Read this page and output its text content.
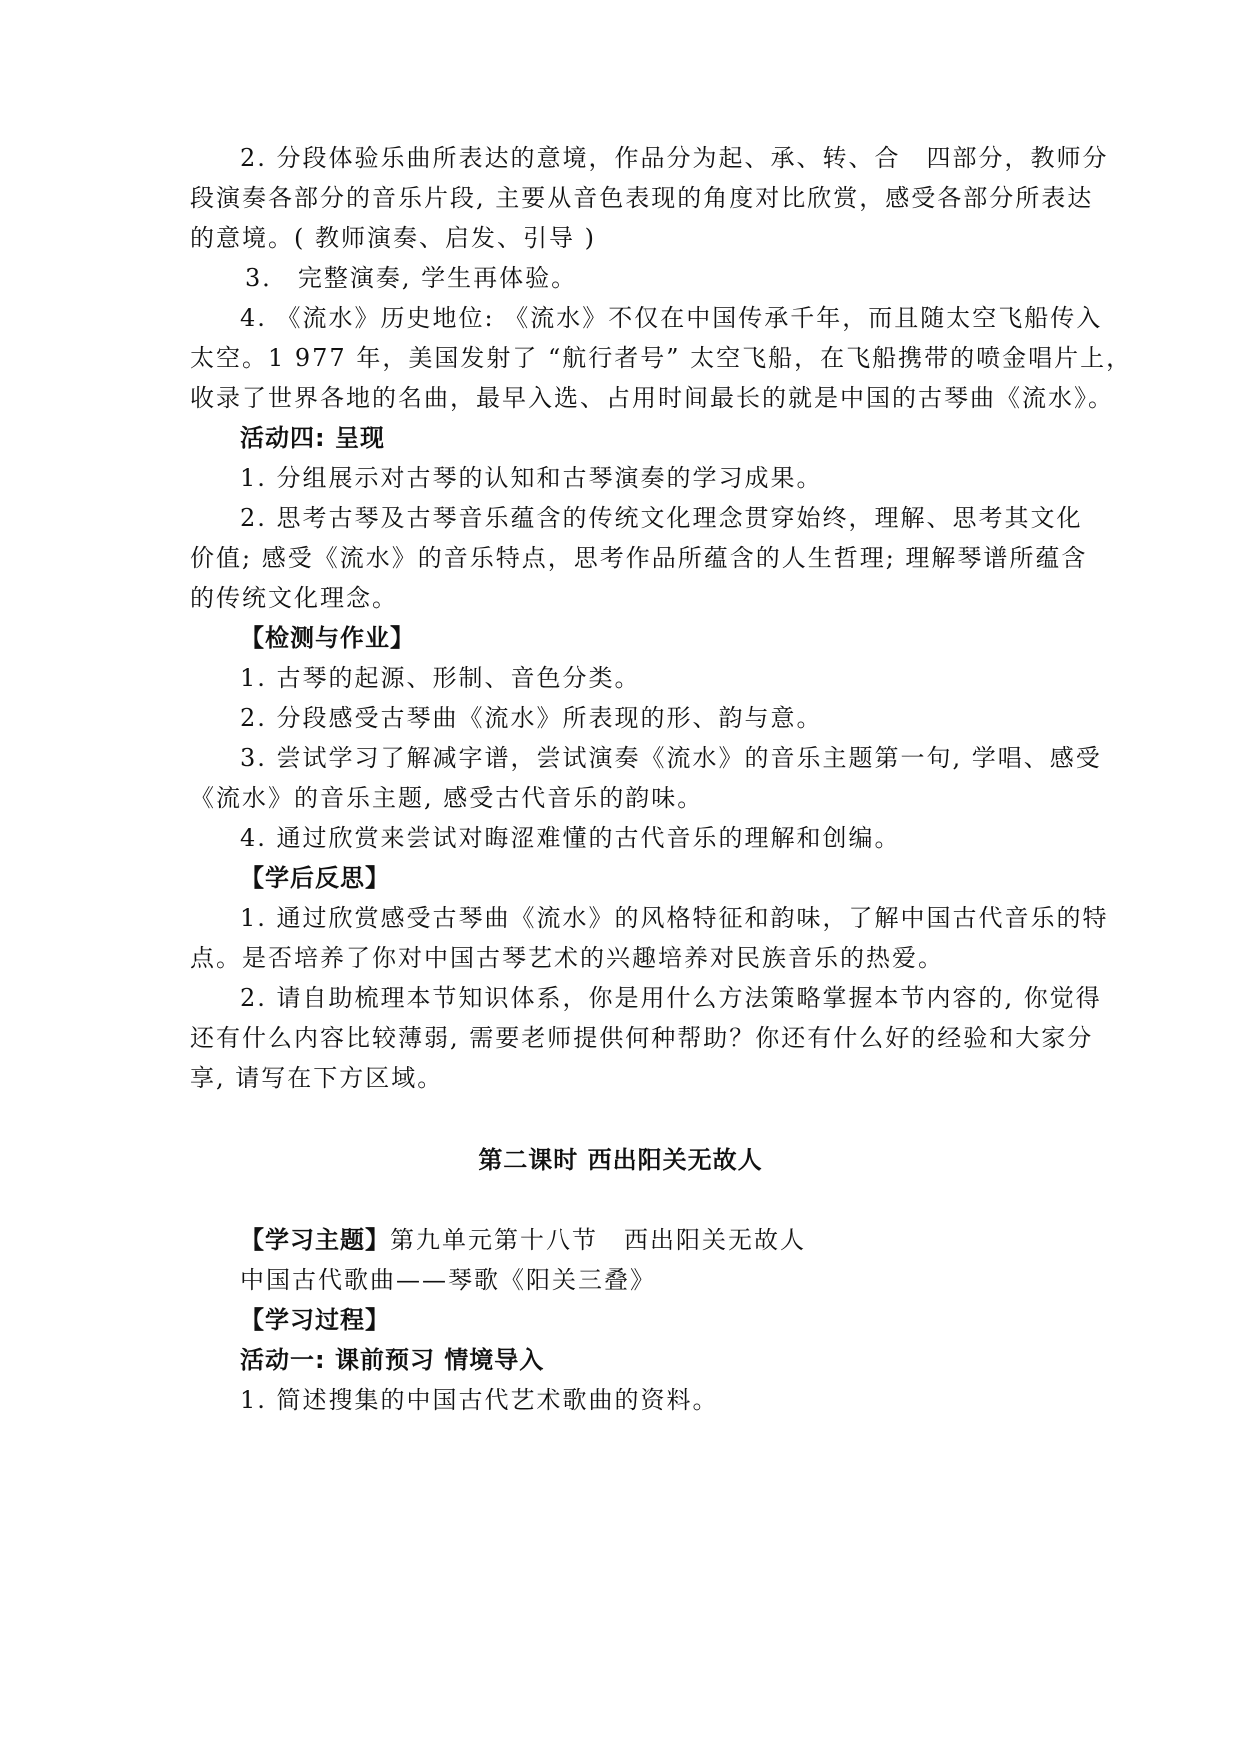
2. 分段体验乐曲所表达的意境，作品分为起、承、转、合　四部分，教师分
段演奏各部分的音乐片段, 主要从音色表现的角度对比欣赏，感受各部分所表达
的意境。( 教师演奏、启发、引导 )
3． 完整演奏, 学生再体验。
4. 《流水》历史地位: 《流水》不仅在中国传承千年，而且随太空飞船传入
太空。1 977 年，美国发射了 “航行者号” 太空飞船，在飞船携带的喷金唱片上，
收录了世界各地的名曲，最早入选、占用时间最长的就是中国的古琴曲《流水》。
活动四: 呈现
1. 分组展示对古琴的认知和古琴演奏的学习成果。
2. 思考古琴及古琴音乐蕴含的传统文化理念贯穿始终，理解、思考其文化
价值; 感受《流水》的音乐特点，思考作品所蕴含的人生哲理; 理解琴谱所蕴含
的传统文化理念。
【检测与作业】
1. 古琴的起源、形制、音色分类。
2. 分段感受古琴曲《流水》所表现的形、韵与意。
3. 尝试学习了解减字谱，尝试演奏《流水》的音乐主题第一句, 学唱、感受
《流水》的音乐主题, 感受古代音乐的韵味。
4. 通过欣赏来尝试对晦涩难懂的古代音乐的理解和创编。
【学后反思】
1. 通过欣赏感受古琴曲《流水》的风格特征和韵味，了解中国古代音乐的特
点。是否培养了你对中国古琴艺术的兴趣培养对民族音乐的热爱。
2. 请自助梳理本节知识体系，你是用什么方法策略掌握本节内容的, 你觉得
还有什么内容比较薄弱, 需要老师提供何种帮助？你还有什么好的经验和大家分
享, 请写在下方区域。
第二课时 西出阳关无故人
【学习主题】第九单元第十八节　西出阳关无故人
中国古代歌曲——琴歌《阳关三叠》
【学习过程】
活动一: 课前预习 情境导入
1. 简述搜集的中国古代艺术歌曲的资料。
